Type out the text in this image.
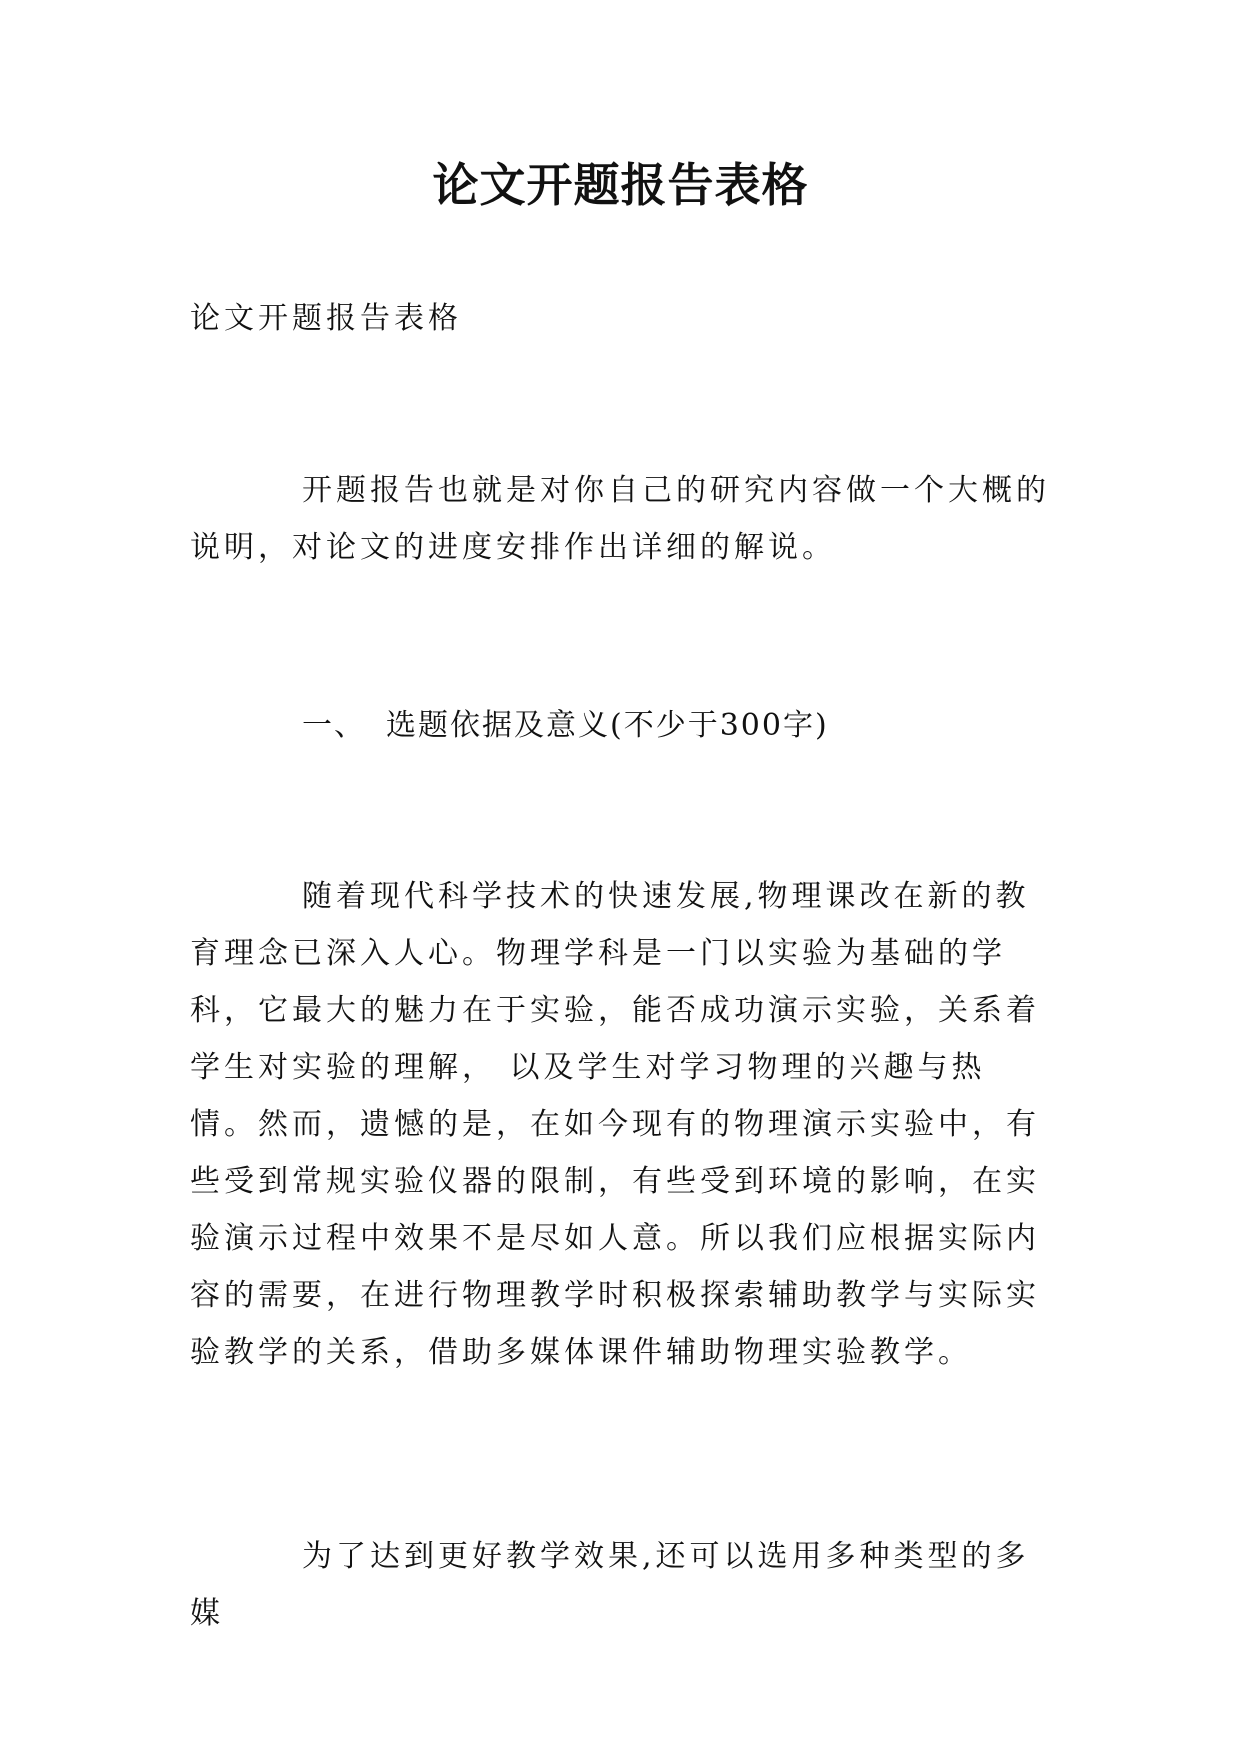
论文开题报告表格

论文开题报告表格

开题报告也就是对你自己的研究内容做一个大概的说明，对论文的进度安排作出详细的解说。

一、 选题依据及意义(不少于300字)

随着现代科学技术的快速发展,物理课改在新的教育理念已深入人心。物理学科是一门以实验为基础的学科，它最大的魅力在于实验，能否成功演示实验，关系着学生对实验的理解， 以及学生对学习物理的兴趣与热情。然而，遗憾的是，在如今现有的物理演示实验中，有些受到常规实验仪器的限制，有些受到环境的影响，在实验演示过程中效果不是尽如人意。所以我们应根据实际内容的需要，在进行物理教学时积极探索辅助教学与实际实验教学的关系，借助多媒体课件辅助物理实验教学。

为了达到更好教学效果,还可以选用多种类型的多媒
